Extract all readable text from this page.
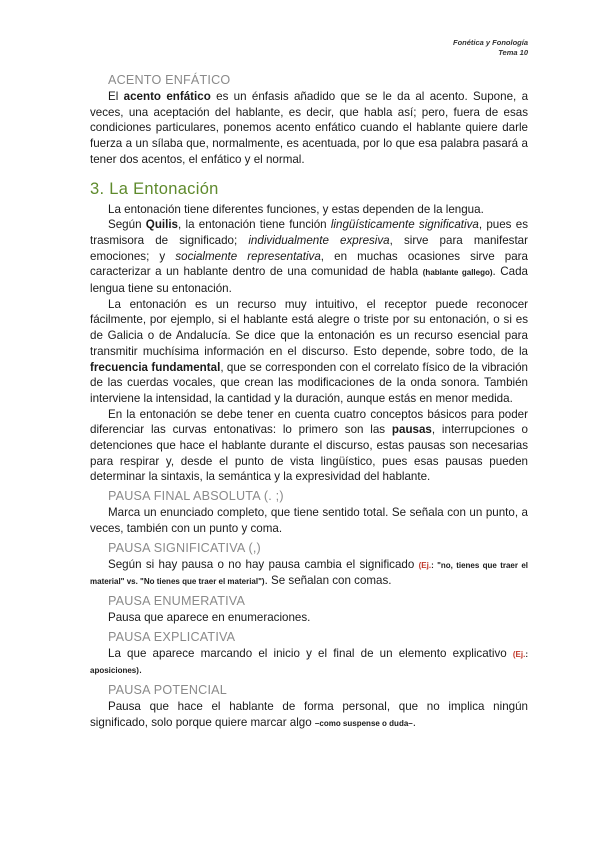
Fonética y Fonología
Tema 10
ACENTO ENFÁTICO

El acento enfático es un énfasis añadido que se le da al acento. Supone, a veces, una aceptación del hablante, es decir, que habla así; pero, fuera de esas condiciones particulares, ponemos acento enfático cuando el hablante quiere darle fuerza a un sílaba que, normalmente, es acentuada, por lo que esa palabra pasará a tener dos acentos, el enfático y el normal.

3. La Entonación

La entonación tiene diferentes funciones, y estas dependen de la lengua.

Según Quilis, la entonación tiene función lingüísticamente significativa, pues es trasmisora de significado; individualmente expresiva, sirve para manifestar emociones; y socialmente representativa, en muchas ocasiones sirve para caracterizar a un hablante dentro de una comunidad de habla (hablante gallego). Cada lengua tiene su entonación.

La entonación es un recurso muy intuitivo, el receptor puede reconocer fácilmente, por ejemplo, si el hablante está alegre o triste por su entonación, o si es de Galicia o de Andalucía. Se dice que la entonación es un recurso esencial para transmitir muchísima información en el discurso. Esto depende, sobre todo, de la frecuencia fundamental, que se corresponden con el correlato físico de la vibración de las cuerdas vocales, que crean las modificaciones de la onda sonora. También interviene la intensidad, la cantidad y la duración, aunque estás en menor medida.

En la entonación se debe tener en cuenta cuatro conceptos básicos para poder diferenciar las curvas entonativas: lo primero son las pausas, interrupciones o detenciones que hace el hablante durante el discurso, estas pausas son necesarias para respirar y, desde el punto de vista lingüístico, pues esas pausas pueden determinar la sintaxis, la semántica y la expresividad del hablante.

PAUSA FINAL ABSOLUTA (. ;)

Marca un enunciado completo, que tiene sentido total. Se señala con un punto, a veces, también con un punto y coma.

PAUSA SIGNIFICATIVA (,)

Según si hay pausa o no hay pausa cambia el significado (Ej.: "no, tienes que traer el material" vs. "No tienes que traer el material"). Se señalan con comas.

PAUSA ENUMERATIVA

Pausa que aparece en enumeraciones.

PAUSA EXPLICATIVA

La que aparece marcando el inicio y el final de un elemento explicativo (Ej.: aposiciones).

PAUSA POTENCIAL

Pausa que hace el hablante de forma personal, que no implica ningún significado, solo porque quiere marcar algo –como suspense o duda–.
